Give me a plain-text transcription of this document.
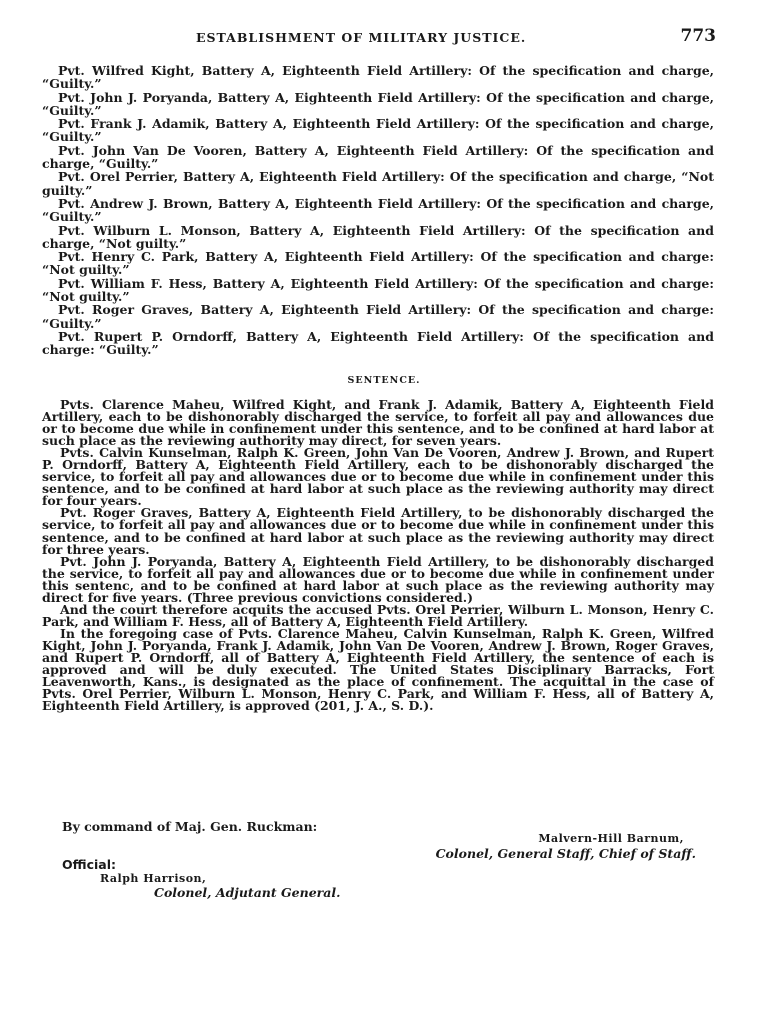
ESTABLISHMENT OF MILITARY JUSTICE.	773

Pvt. Wilfred Kight, Battery A, Eighteenth Field Artillery: Of the specification and charge, “Guilty.”

Pvt. John J. Poryanda, Battery A, Eighteenth Field Artillery: Of the specification and charge, “Guilty.”

Pvt. Frank J. Adamik, Battery A, Eighteenth Field Artillery: Of the specification and charge, “Guilty.”

Pvt. John Van De Vooren, Battery A, Eighteenth Field Artillery: Of the specification and charge, “Guilty.”

Pvt. Orel Perrier, Battery A, Eighteenth Field Artillery: Of the specification and charge, “Not guilty.”

Pvt. Andrew J. Brown, Battery A, Eighteenth Field Artillery: Of the specification and charge, “Guilty.”

Pvt. Wilburn L. Monson, Battery A, Eighteenth Field Artillery: Of the specification and charge, “Not guilty.”

Pvt. Henry C. Park, Battery A, Eighteenth Field Artillery: Of the specification and charge: “Not guilty.”

Pvt. William F. Hess, Battery A, Eighteenth Field Artillery: Of the specification and charge: “Not guilty.”

Pvt. Roger Graves, Battery A, Eighteenth Field Artillery: Of the specification and charge: “Guilty.”

Pvt. Rupert P. Orndorff, Battery A, Eighteenth Field Artillery: Of the specification and charge: “Guilty.”

SENTENCE.

Pvts. Clarence Maheu, Wilfred Kight, and Frank J. Adamik, Battery A, Eighteenth Field Artillery, each to be dishonorably discharged the service, to forfeit all pay and allowances due or to become due while in confinement under this sentence, and to be confined at hard labor at such place as the reviewing authority may direct, for seven years.

Pvts. Calvin Kunselman, Ralph K. Green, John Van De Vooren, Andrew J. Brown, and Rupert P. Orndorff, Battery A, Eighteenth Field Artillery, each to be dishonorably discharged the service, to forfeit all pay and allowances due or to become due while in confinement under this sentence, and to be confined at hard labor at such place as the reviewing authority may direct for four years.

Pvt. Roger Graves, Battery A, Eighteenth Field Artillery, to be dishonorably discharged the service, to forfeit all pay and allowances due or to become due while in confinement under this sentence, and to be confined at hard labor at such place as the reviewing authority may direct for three years.

Pvt. John J. Poryanda, Battery A, Eighteenth Field Artillery, to be dishonorably discharged the service, to forfeit all pay and allowances due or to become due while in confinement under this sentenc, and to be confined at hard labor at such place as the reviewing authority may direct for five years. (Three previous convictions considered.)

And the court therefore acquits the accused Pvts. Orel Perrier, Wilburn L. Monson, Henry C. Park, and William F. Hess, all of Battery A, Eighteenth Field Artillery.

In the foregoing case of Pvts. Clarence Maheu, Calvin Kunselman, Ralph K. Green, Wilfred Kight, John J. Poryanda, Frank J. Adamik, John Van De Vooren, Andrew J. Brown, Roger Graves, and Rupert P. Orndorff, all of Battery A, Eighteenth Field Artillery, the sentence of each is approved and will be duly executed. The United States Disciplinary Barracks, Fort Leavenworth, Kans., is designated as the place of confinement. The acquittal in the case of Pvts. Orel Perrier, Wilburn L. Monson, Henry C. Park, and William F. Hess, all of Battery A, Eighteenth Field Artillery, is approved (201, J. A., S. D.).

By command of Maj. Gen. Ruckman:
Malvern-Hill Barnum,
Colonel, General Staff, Chief of Staff.
Official:
Ralph Harrison,
Colonel, Adjutant General.
